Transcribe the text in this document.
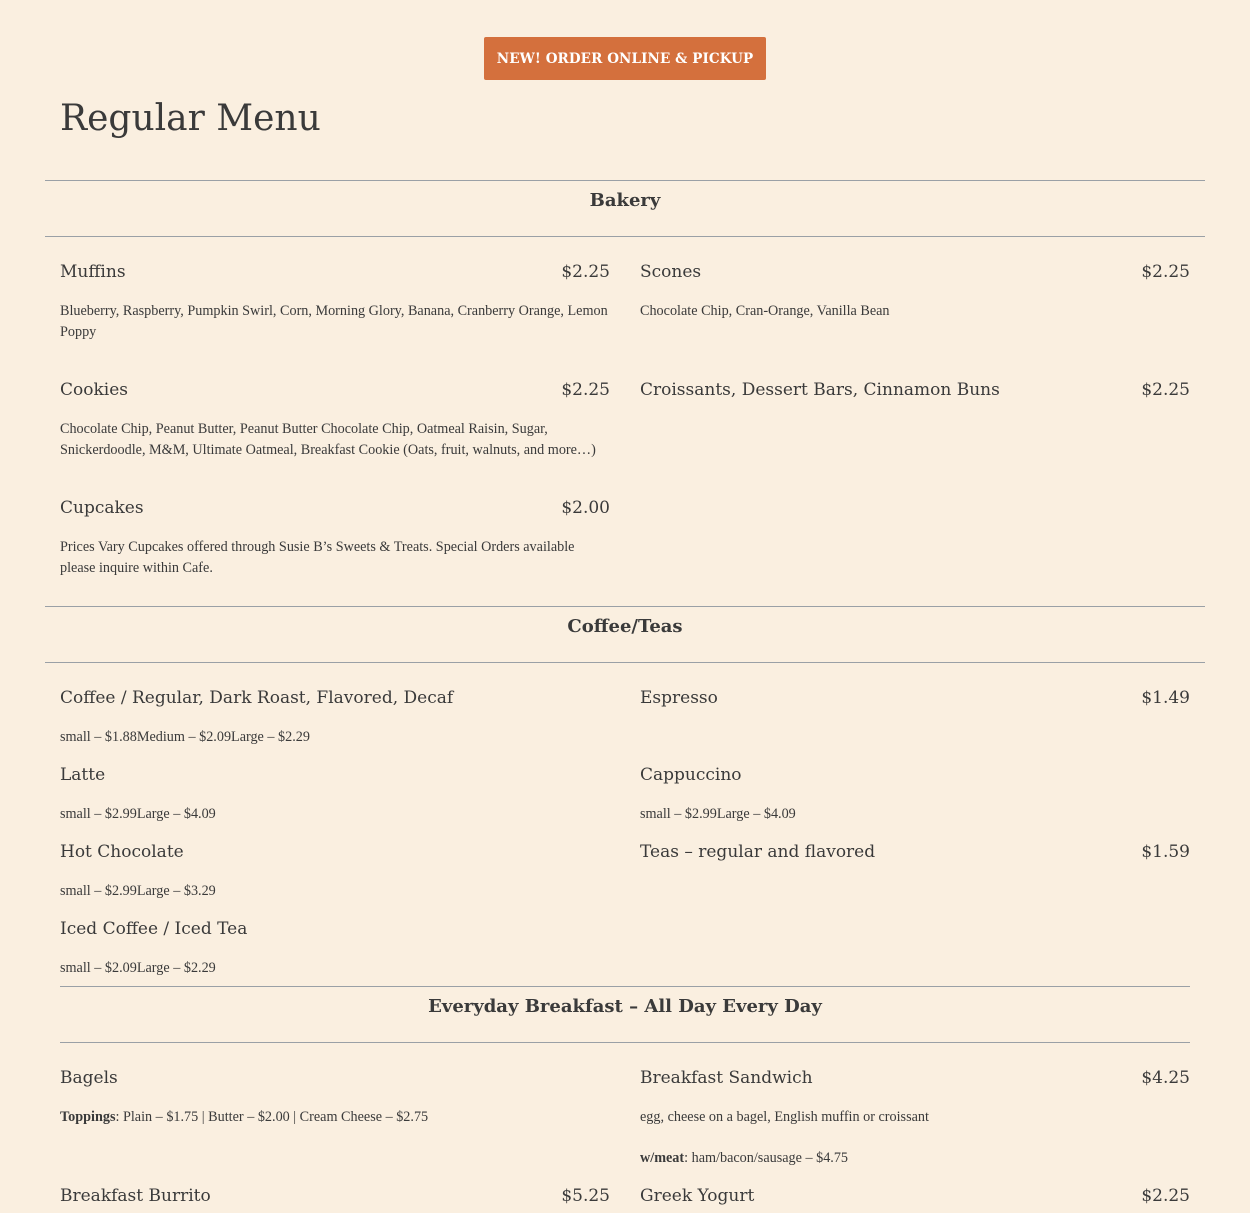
NEW! ORDER ONLINE & PICKUP
Regular Menu
Bakery
Muffins	$2.25
Blueberry, Raspberry, Pumpkin Swirl, Corn, Morning Glory, Banana, Cranberry Orange, Lemon Poppy
Scones	$2.25
Chocolate Chip, Cran-Orange, Vanilla Bean
Cookies	$2.25
Chocolate Chip, Peanut Butter, Peanut Butter Chocolate Chip, Oatmeal Raisin, Sugar, Snickerdoodle, M&M, Ultimate Oatmeal, Breakfast Cookie (Oats, fruit, walnuts, and more…)
Croissants, Dessert Bars, Cinnamon Buns	$2.25
Cupcakes	$2.00
Prices Vary Cupcakes offered through Susie B’s Sweets & Treats. Special Orders available please inquire within Cafe.
Coffee/Teas
Coffee / Regular, Dark Roast, Flavored, Decaf
small – $1.88Medium – $2.09Large – $2.29
Espresso	$1.49
Latte
small – $2.99Large – $4.09
Cappuccino
small – $2.99Large – $4.09
Hot Chocolate
small – $2.99Large – $3.29
Teas – regular and flavored	$1.59
Iced Coffee / Iced Tea
small – $2.09Large – $2.29
Everyday Breakfast – All Day Every Day
Bagels
Toppings: Plain – $1.75 | Butter – $2.00 | Cream Cheese – $2.75
Breakfast Sandwich	$4.25
egg, cheese on a bagel, English muffin or croissant
w/meat: ham/bacon/sausage – $4.75
Breakfast Burrito	$5.25 Greek Yogurt	$2.25
